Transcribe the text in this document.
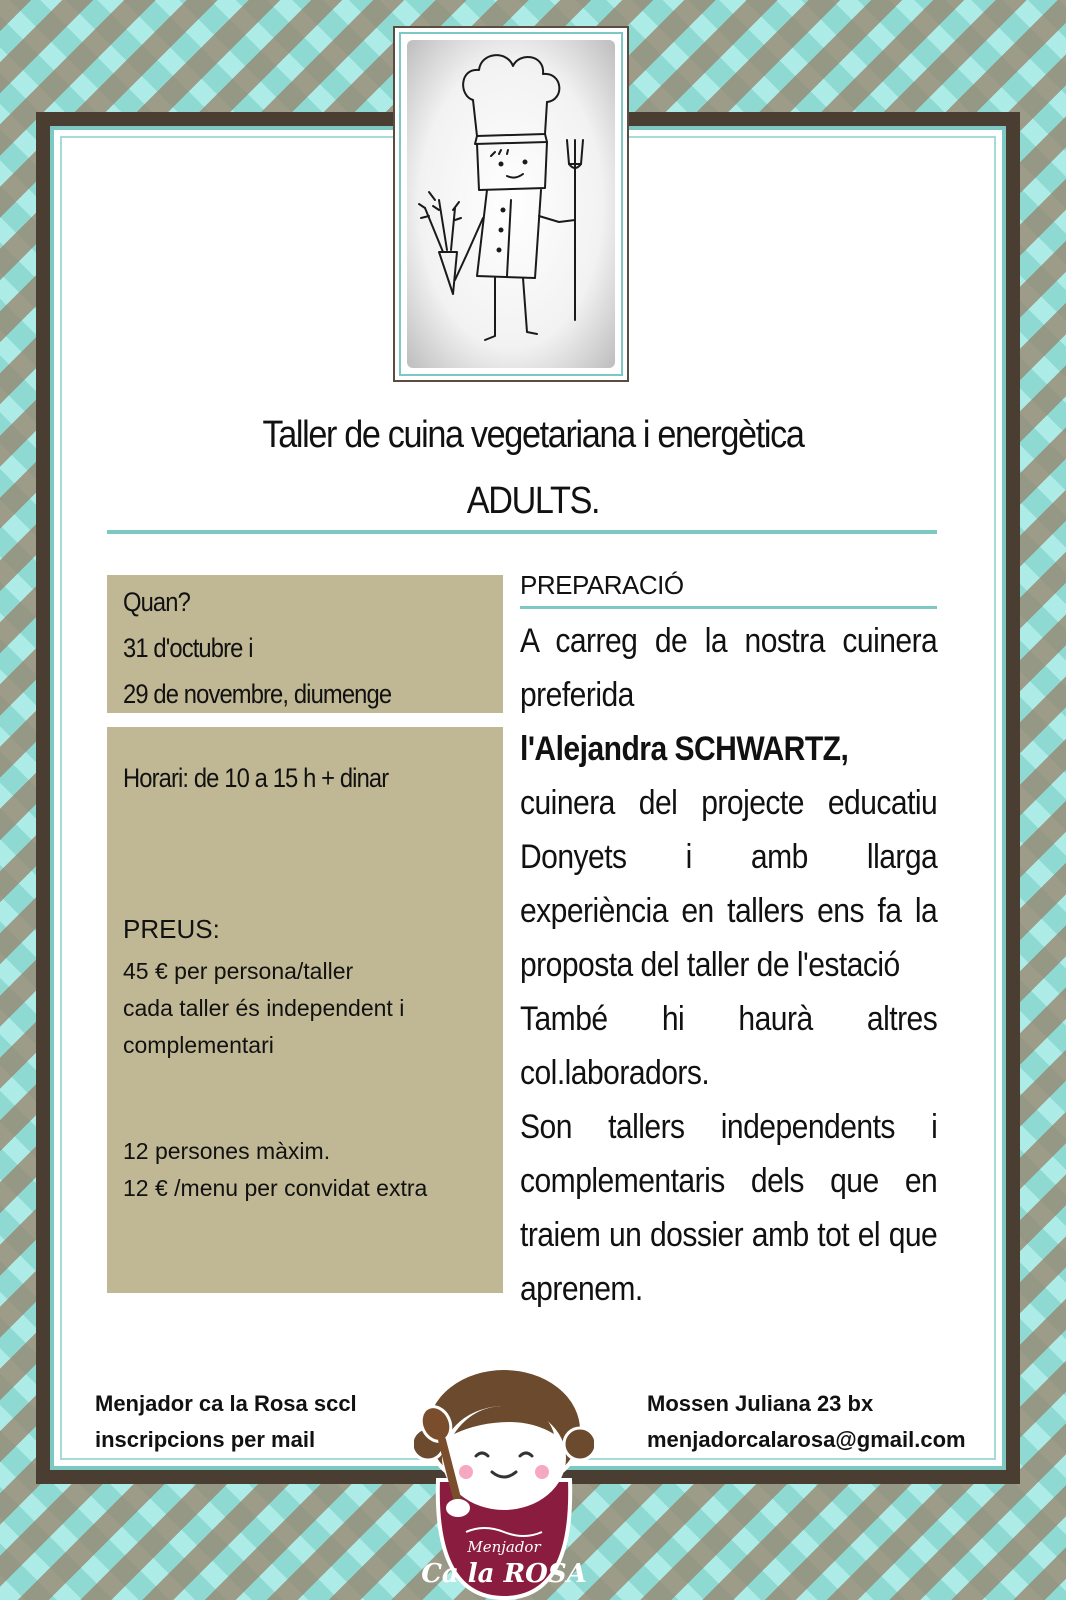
Taller de cuina vegetariana i energètica
ADULTS.
Quan?
31 d'octubre i
29 de novembre, diumenge
Horari: de 10 a 15 h + dinar
PREUS:
45 € per persona/taller
cada taller és independent i
complementari
12 persones màxim.
12 € /menu per convidat extra
PREPARACIÓ

A carreg de la nostra cuinera preferida

l'Alejandra SCHWARTZ,

cuinera del projecte educatiu Donyets i amb llarga experiència en tallers ens fa la proposta del taller de l'estació

També hi haurà altres col.laboradors.

Son tallers independents i complementaris dels que en traiem un dossier amb tot el que aprenem.

Menjador ca la Rosa sccl
inscripcions per mail
Mossen Juliana 23 bx
menjadorcalarosa@gmail.com
Menjador
Ca la ROSA
